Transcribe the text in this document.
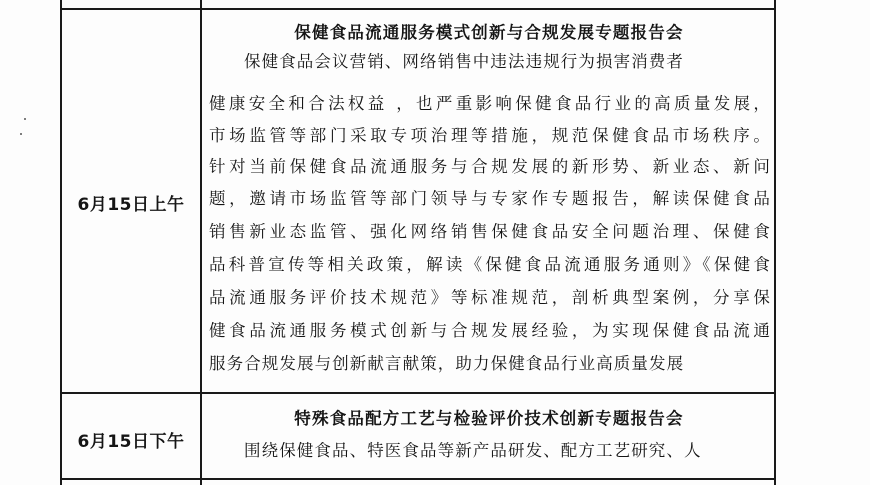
6月15日上午
保健食品流通服务模式创新与合规发展专题报告会
保健食品会议营销、网络销售中违法违规行为损害消费者
健康安全和合法权益 ，也严重影响保健食品行业的高质量发展，
市场监管等部门采取专项治理等措施，规范保健食品市场秩序。
针对当前保健食品流通服务与合规发展的新形势、新业态、新问
题，邀请市场监管等部门领导与专家作专题报告，解读保健食品
销售新业态监管、强化网络销售保健食品安全问题治理、保健食
品科普宣传等相关政策，解读《保健食品流通服务通则》《保健食
品流通服务评价技术规范》等标准规范，剖析典型案例，分享保
健食品流通服务模式创新与合规发展经验，为实现保健食品流通
服务合规发展与创新献言献策，助力保健食品行业高质量发展
6月15日下午
特殊食品配方工艺与检验评价技术创新专题报告会
围绕保健食品、特医食品等新产品研发、配方工艺研究、人
